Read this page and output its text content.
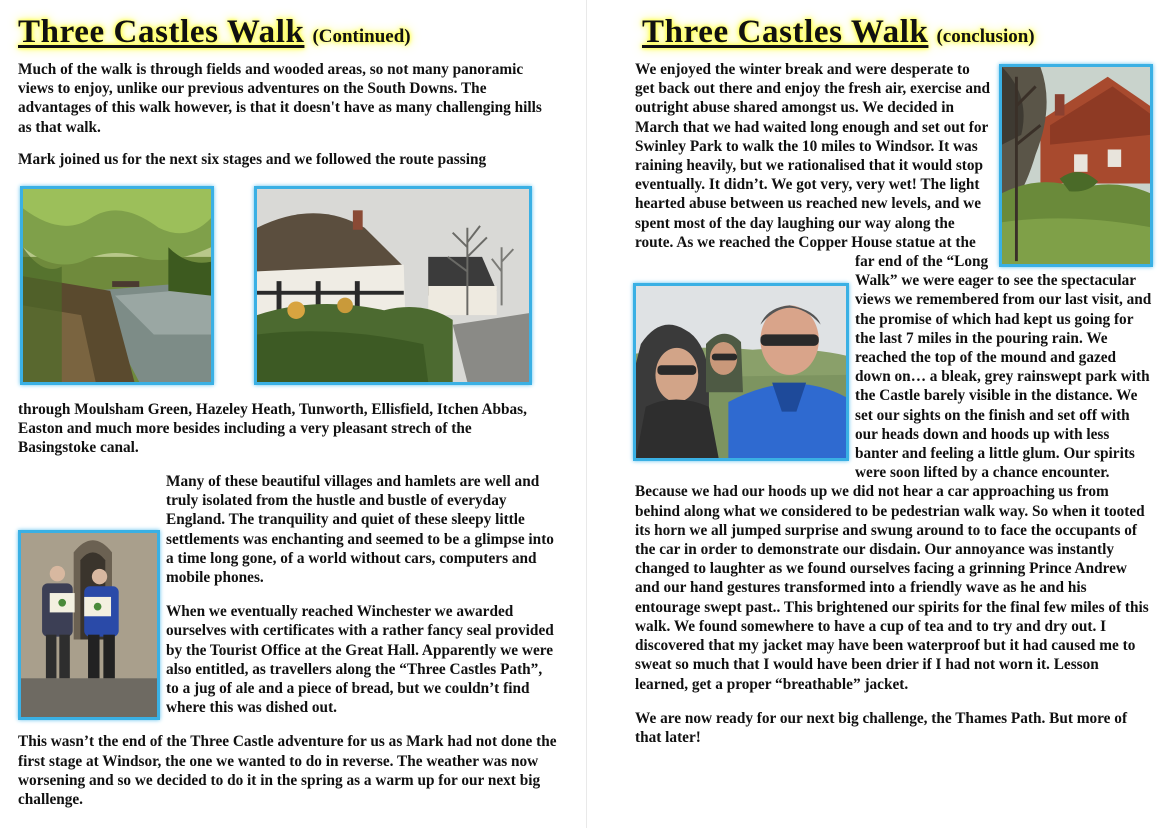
Three Castles Walk (Continued)

Much of the walk is through fields and wooded areas, so not many panoramic views to enjoy, unlike our previous adventures on the South Downs. The advantages of this walk however, is that it doesn't have as many challenging hills as that walk.

Mark joined us for the next six stages and we followed the route passing

through Moulsham Green, Hazeley Heath, Tunworth, Ellisfield, Itchen Abbas, Easton and much more besides including a very pleasant strech of the Basingstoke canal.

Many of these beautiful villages and hamlets are well and truly isolated from the hustle and bustle of everyday England. The tranquility and quiet of these sleepy little settlements was enchanting and seemed to be a glimpse into a time long gone, of a world without cars, computers and mobile phones.

When we eventually reached Winchester we awarded ourselves with certificates with a rather fancy seal provided by the Tourist Office at the Great Hall. Apparently we were also entitled, as travellers along the “Three Castles Path”, to a jug of ale and a piece of bread, but we couldn’t find where this was dished out.

This wasn’t the end of the Three Castle adventure for us as Mark had not done the first stage at Windsor, the one we wanted to do in reverse. The weather was now worsening and so we decided to do it in the spring as a warm up for our next big challenge.

Three Castles Walk (conclusion)

We enjoyed the winter break and were desperate to get back out there and enjoy the fresh air, exercise and outright abuse shared amongst us. We decided in March that we had waited long enough and set out for Swinley Park to walk the 10 miles to Windsor. It was raining heavily, but we rationalised that it would stop eventually. It didn’t. We got very, very wet! The light hearted abuse between us reached new levels, and we spent most of the day laughing our way along the route. As we reached the Copper House statue at the far end of the “Long Walk” we were eager to see the spectacular views we remembered from our last visit, and the promise of which had kept us going for the last 7 miles in the pouring rain. We reached the top of the mound and gazed down on… a bleak, grey rainswept park with the Castle barely visible in the distance. We set our sights on the finish and set off with our heads down and hoods up with less banter and feeling a little glum. Our spirits were soon lifted by a chance encounter. Because we had our hoods up we did not hear a car approaching us from behind along what we considered to be pedestrian walk way. So when it tooted its horn we all jumped surprise and swung around to to face the occupants of the car in order to demonstrate our disdain. Our annoyance was instantly changed to laughter as we found ourselves facing a grinning Prince Andrew and our hand gestures transformed into a friendly wave as he and his entourage swept past.. This brightened our spirits for the final few miles of this walk. We found somewhere to have a cup of tea and to try and dry out. I discovered that my jacket may have been waterproof but it had caused me to sweat so much that I would have been drier if I had not worn it. Lesson learned, get a proper “breathable” jacket.

We are now ready for our next big challenge, the Thames Path. But more of that later!
